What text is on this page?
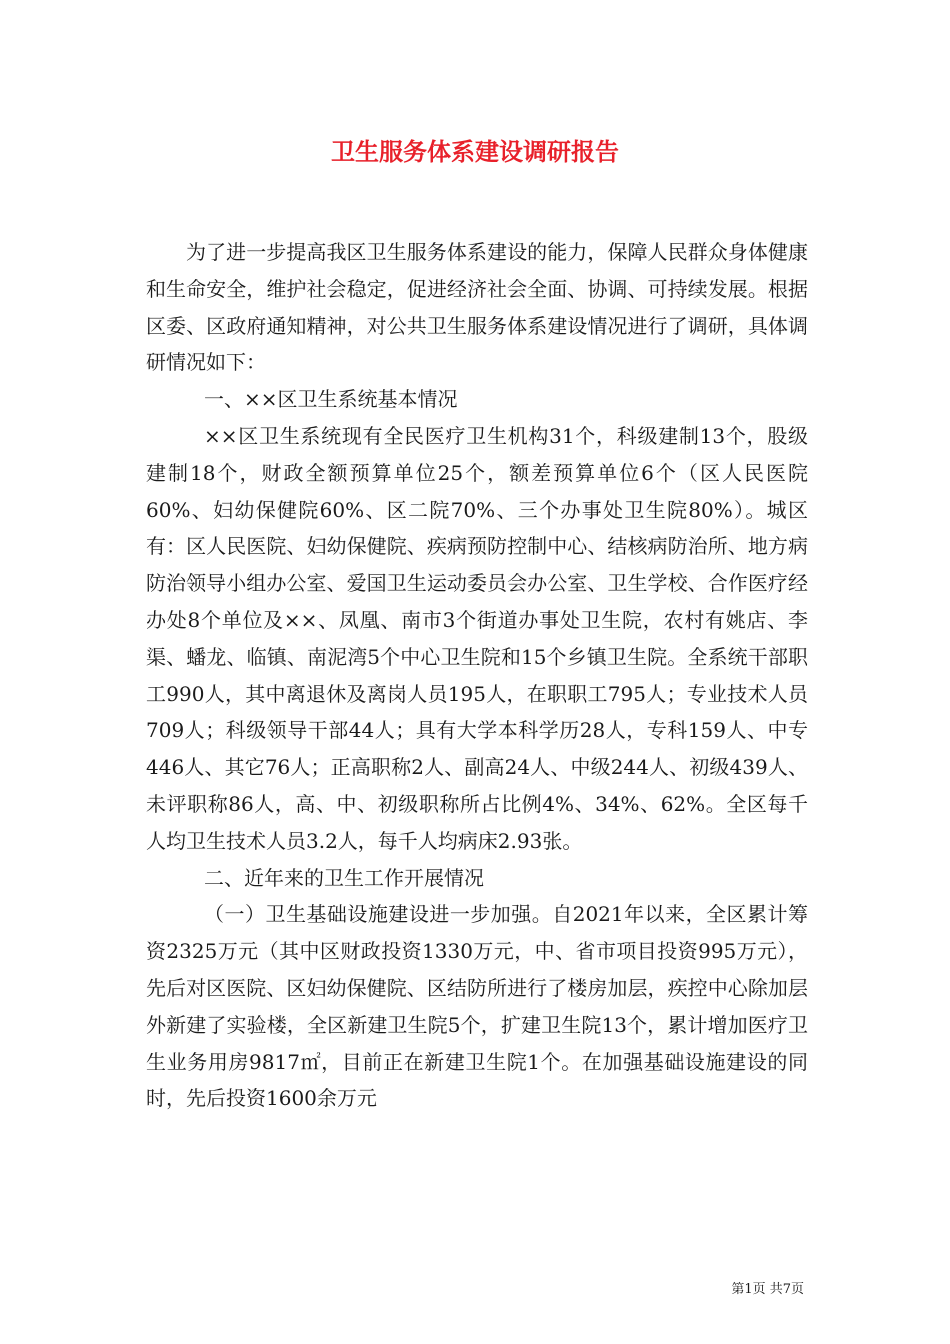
卫生服务体系建设调研报告

为了进一步提高我区卫生服务体系建设的能力，保障人民群众身体健康和生命安全，维护社会稳定，促进经济社会全面、协调、可持续发展。根据区委、区政府通知精神，对公共卫生服务体系建设情况进行了调研，具体调研情况如下：

一、××区卫生系统基本情况

××区卫生系统现有全民医疗卫生机构31个，科级建制13个，股级建制18个，财政全额预算单位25个，额差预算单位6个（区人民医院60%、妇幼保健院60%、区二院70%、三个办事处卫生院80%）。城区有：区人民医院、妇幼保健院、疾病预防控制中心、结核病防治所、地方病防治领导小组办公室、爱国卫生运动委员会办公室、卫生学校、合作医疗经办处8个单位及××、凤凰、南市3个街道办事处卫生院，农村有姚店、李渠、蟠龙、临镇、南泥湾5个中心卫生院和15个乡镇卫生院。全系统干部职工990人，其中离退休及离岗人员195人，在职职工795人；专业技术人员709人；科级领导干部44人；具有大学本科学历28人，专科159人、中专446人、其它76人；正高职称2人、副高24人、中级244人、初级439人、未评职称86人，高、中、初级职称所占比例4%、34%、62%。全区每千人均卫生技术人员3.2人，每千人均病床2.93张。

二、近年来的卫生工作开展情况

（一）卫生基础设施建设进一步加强。自2021年以来，全区累计筹资2325万元（其中区财政投资1330万元，中、省市项目投资995万元），先后对区医院、区妇幼保健院、区结防所进行了楼房加层，疾控中心除加层外新建了实验楼，全区新建卫生院5个，扩建卫生院13个，累计增加医疗卫生业务用房9817㎡，目前正在新建卫生院1个。在加强基础设施建设的同时，先后投资1600余万元

第1页 共7页
